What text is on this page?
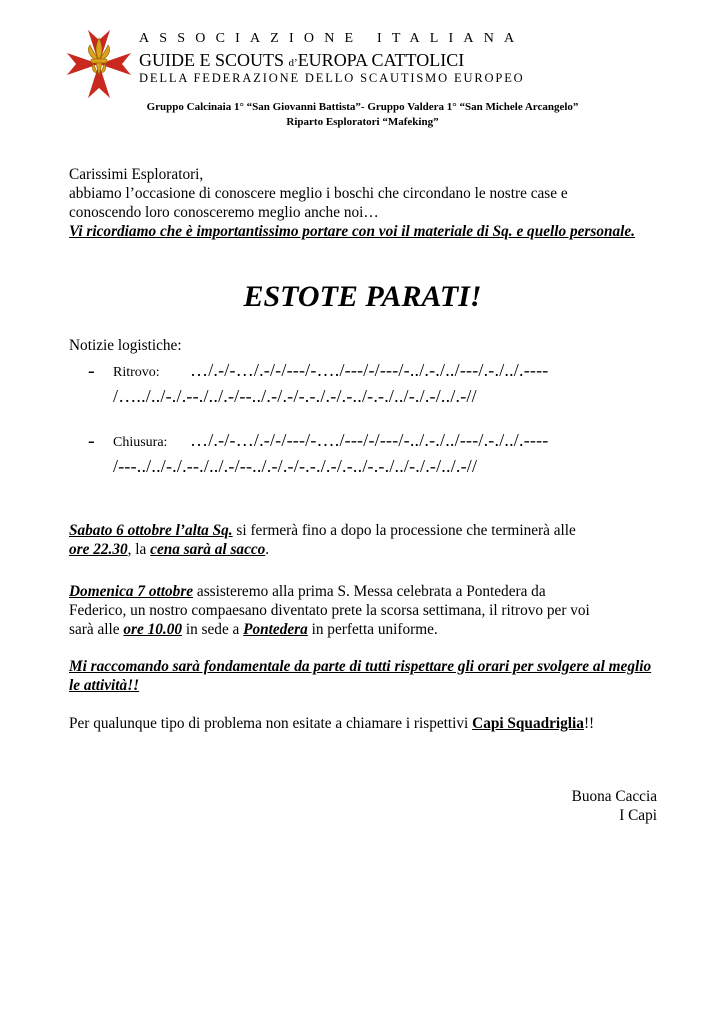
ASSOCIAZIONE ITALIANA
GUIDE E SCOUTS d’EUROPA CATTOLICI
DELLA FEDERAZIONE DELLO SCAUTISMO EUROPEO
Gruppo Calcinaia 1° “San Giovanni Battista”- Gruppo Valdera 1° “San Michele Arcangelo”
Riparto Esploratori “Mafeking”
Carissimi Esploratori,
abbiamo l’occasione di conoscere meglio i boschi che circondano le nostre case e
conoscendo loro conosceremo meglio anche noi…
Vi ricordiamo che è importantissimo portare con voi il materiale di Sq. e quello personale.
ESTOTE PARATI!
Notizie logistiche:
- Ritrovo: …/.-/-…/.-/-/---/-…./---/-/---/-../.-./../---/.-./../.----
/…../../-./.--./../.-/--../.-/.-/-.-./.-/.-../-.-./../-./.-/../.-//
- Chiusura: …/.-/-…/.-/-/---/-…./---/-/---/-../.-./../---/.-./../.----
/---../../-./.--./../.-/--../.-/.-/-.-./.-/.-../-.-./../-./.-/../.-//
Sabato 6 ottobre l’alta Sq. si fermerà fino a dopo la processione che terminerà alle
ore 22.30, la cena sarà al sacco.
Domenica 7 ottobre assisteremo alla prima S. Messa celebrata a Pontedera da
Federico, un nostro compaesano diventato prete la scorsa settimana, il ritrovo per voi
sarà alle ore 10.00 in sede a Pontedera in perfetta uniforme.
Mi raccomando sarà fondamentale da parte di tutti rispettare gli orari per svolgere al meglio le attività!!
Per qualunque tipo di problema non esitate a chiamare i rispettivi Capi Squadriglia!!
Buona Caccia
I Capi
